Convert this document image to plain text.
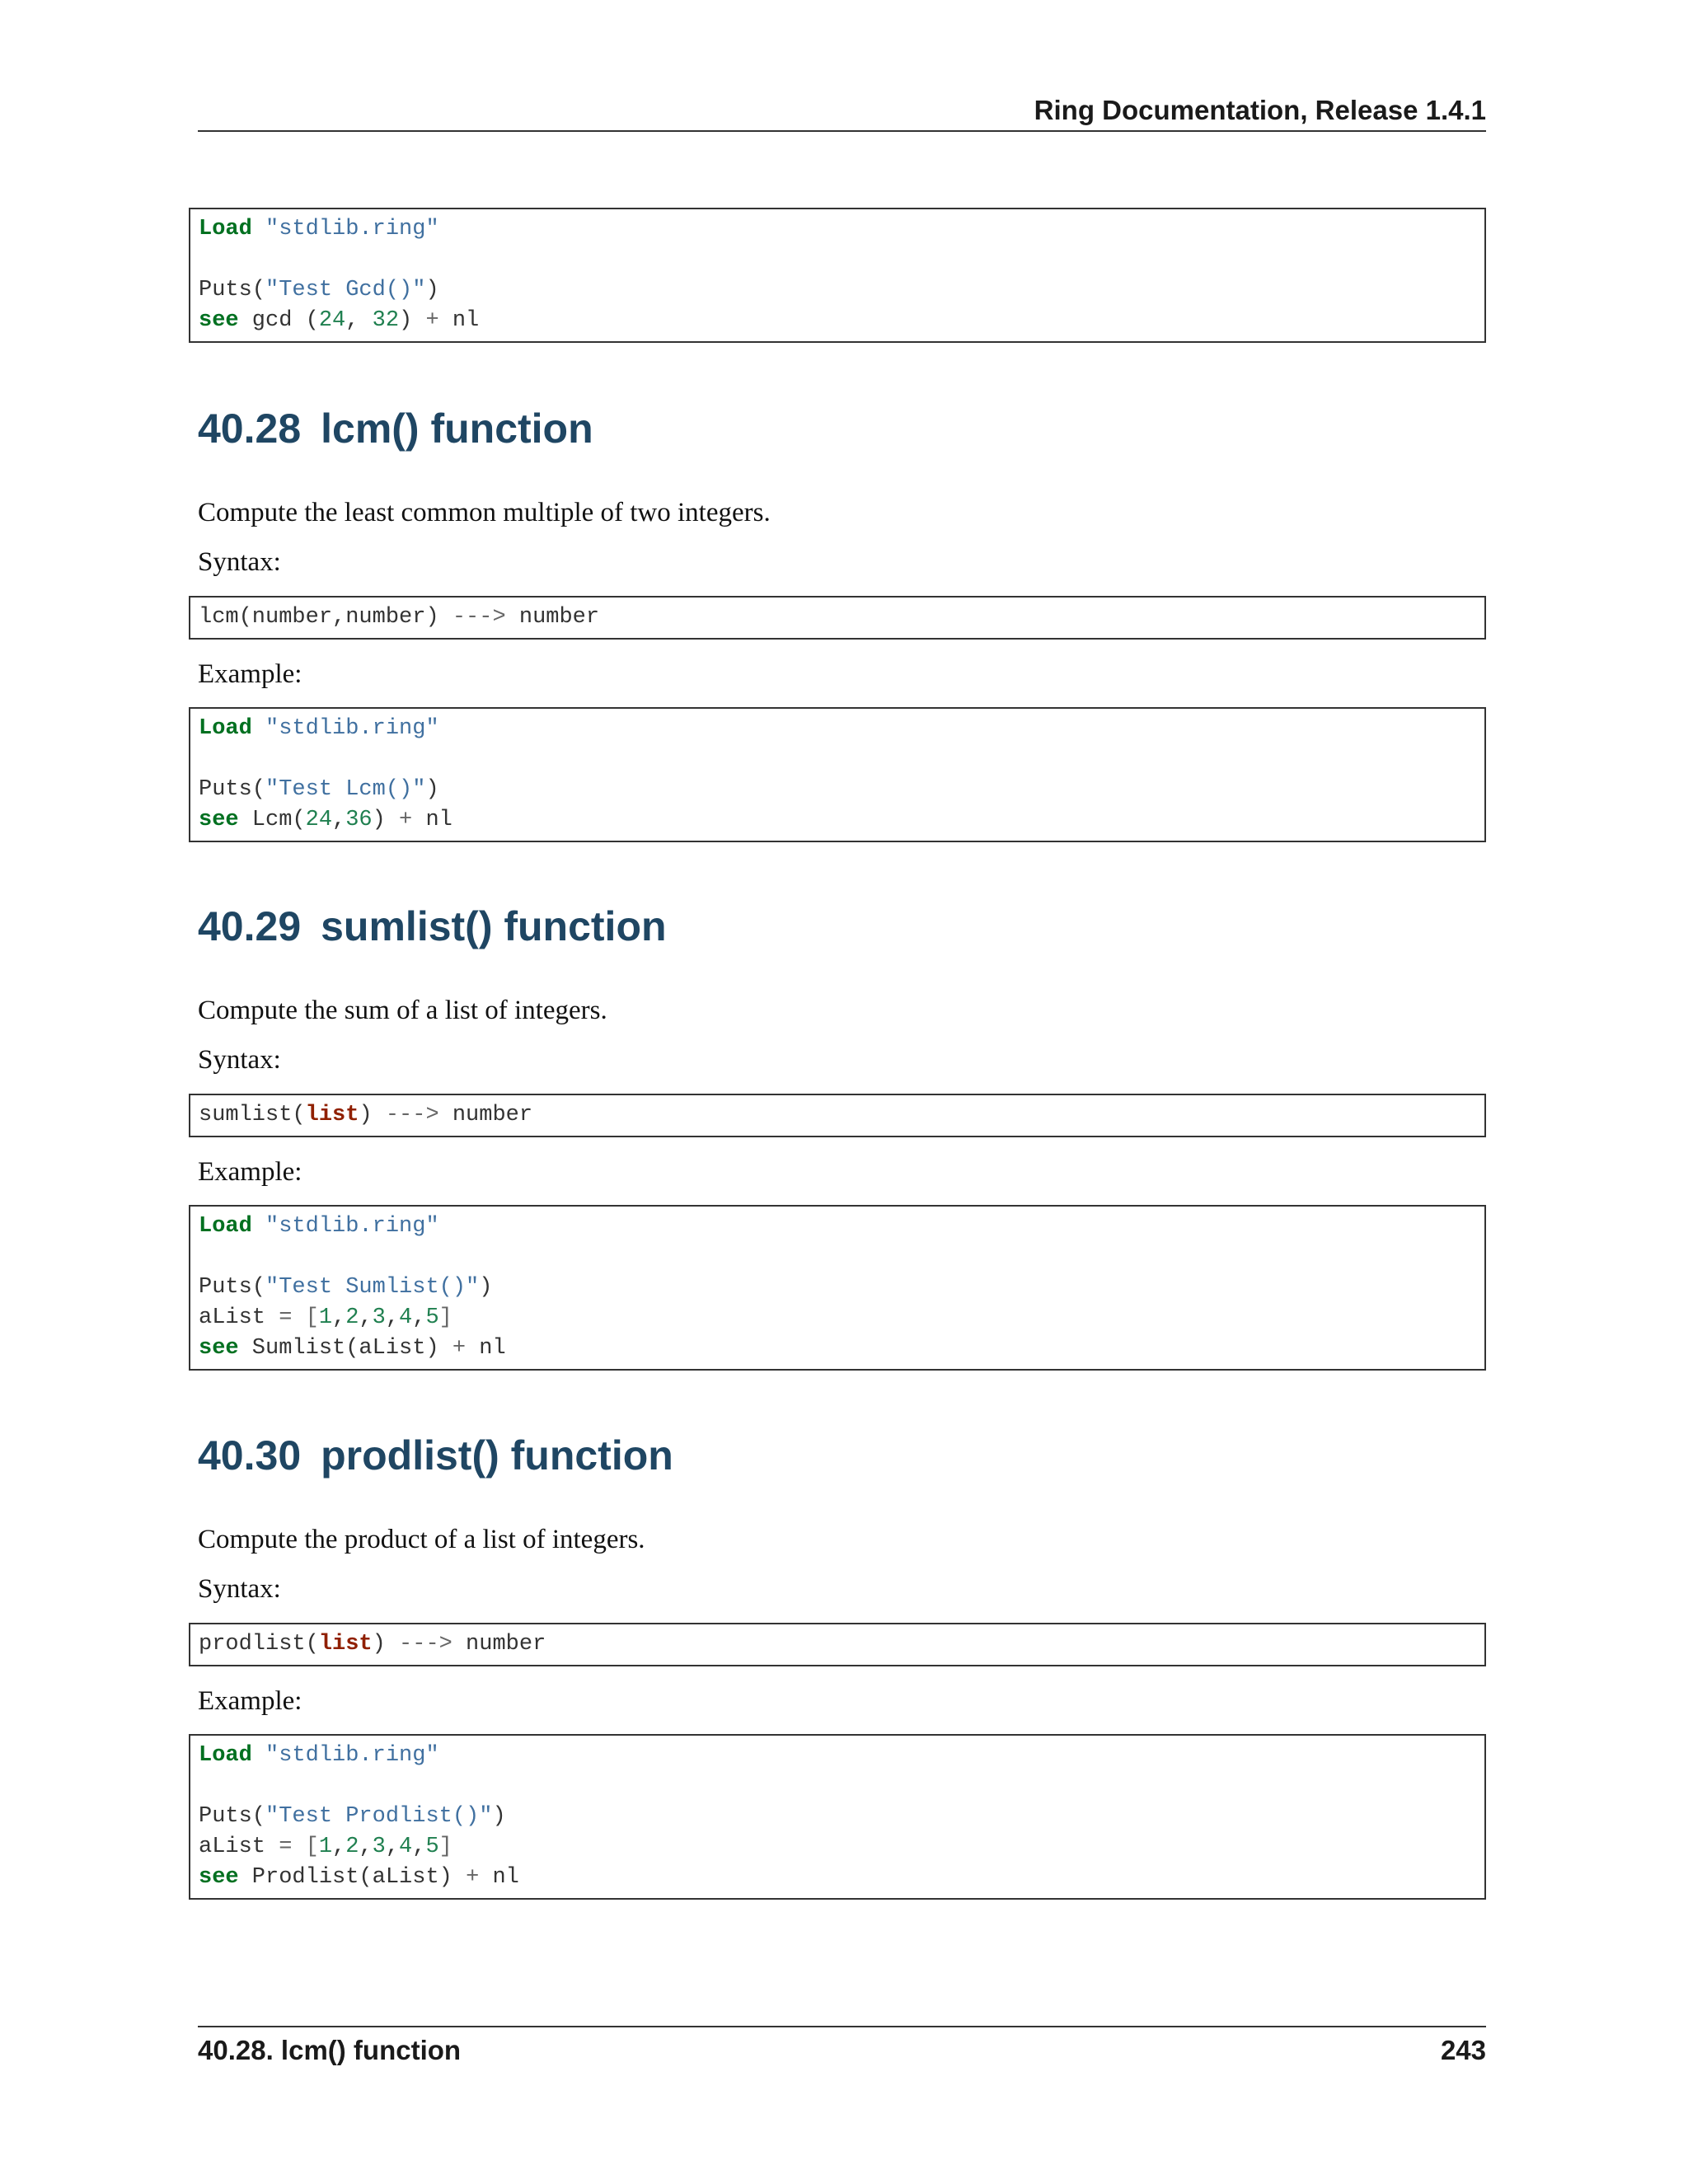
Ring Documentation, Release 1.4.1
Load "stdlib.ring"
Puts("Test Gcd()")
see gcd (24, 32) + nl
40.28 lcm() function
Compute the least common multiple of two integers.
Syntax:
lcm(number,number) ---> number
Example:
Load "stdlib.ring"
Puts("Test Lcm()")
see Lcm(24,36) + nl
40.29 sumlist() function
Compute the sum of a list of integers.
Syntax:
sumlist(list) ---> number
Example:
Load "stdlib.ring"
Puts("Test Sumlist()")
aList = [1,2,3,4,5]
see Sumlist(aList) + nl
40.30 prodlist() function
Compute the product of a list of integers.
Syntax:
prodlist(list) ---> number
Example:
Load "stdlib.ring"
Puts("Test Prodlist()")
aList = [1,2,3,4,5]
see Prodlist(aList) + nl
40.28. lcm() function	243
